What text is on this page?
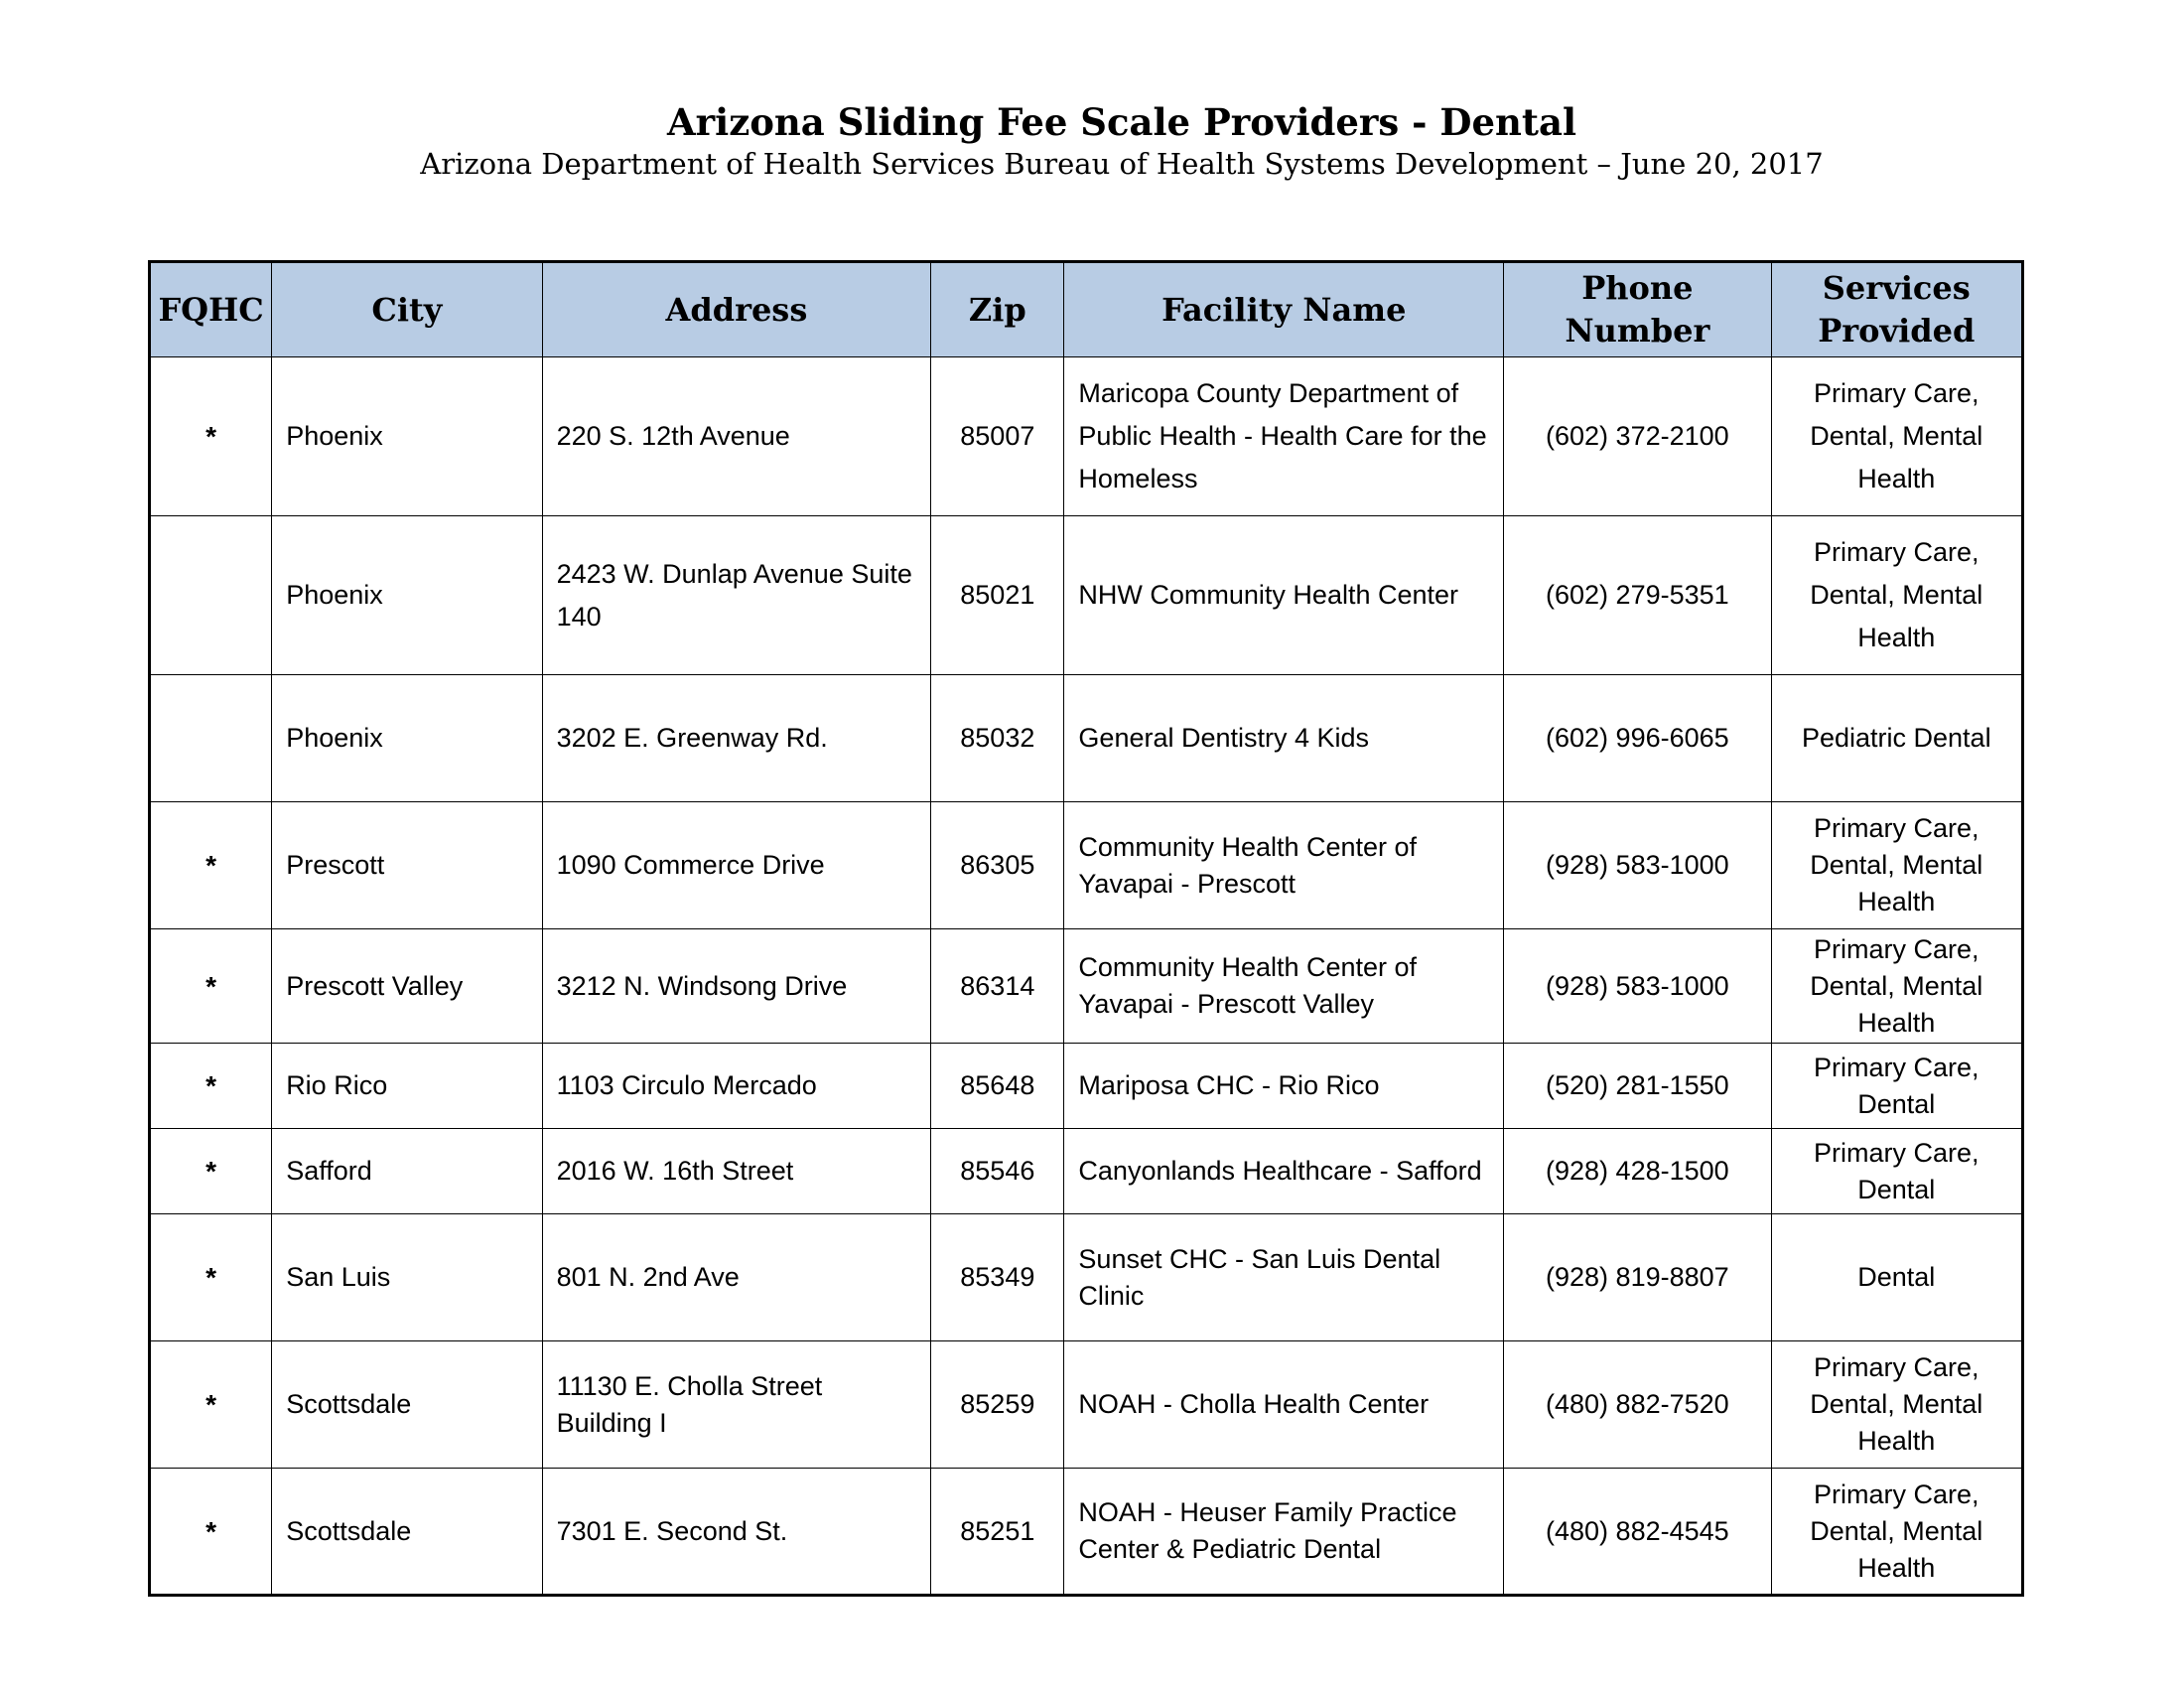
Arizona Sliding Fee Scale Providers - Dental
Arizona Department of Health Services Bureau of Health Systems Development – June 20, 2017
FQHC	City	Address	Zip	Facility Name	Phone Number	Services Provided
*	Phoenix	220 S. 12th Avenue	85007	Maricopa County Department of Public Health - Health Care for the Homeless	(602) 372-2100	Primary Care, Dental, Mental Health
	Phoenix	2423 W. Dunlap Avenue Suite 140	85021	NHW Community Health Center	(602) 279-5351	Primary Care, Dental, Mental Health
	Phoenix	3202 E. Greenway Rd.	85032	General Dentistry 4 Kids	(602) 996-6065	Pediatric Dental
*	Prescott	1090 Commerce Drive	86305	Community Health Center of Yavapai - Prescott	(928) 583-1000	Primary Care, Dental, Mental Health
*	Prescott Valley	3212 N. Windsong Drive	86314	Community Health Center of Yavapai - Prescott Valley	(928) 583-1000	Primary Care, Dental, Mental Health
*	Rio Rico	1103 Circulo Mercado	85648	Mariposa CHC - Rio Rico	(520) 281-1550	Primary Care, Dental
*	Safford	2016 W. 16th Street	85546	Canyonlands Healthcare - Safford	(928) 428-1500	Primary Care, Dental
*	San Luis	801 N. 2nd Ave	85349	Sunset CHC - San Luis Dental Clinic	(928) 819-8807	Dental
*	Scottsdale	11130 E. Cholla Street Building I	85259	NOAH - Cholla Health Center	(480) 882-7520	Primary Care, Dental, Mental Health
*	Scottsdale	7301 E. Second St.	85251	NOAH - Heuser Family Practice Center & Pediatric Dental	(480) 882-4545	Primary Care, Dental, Mental Health
